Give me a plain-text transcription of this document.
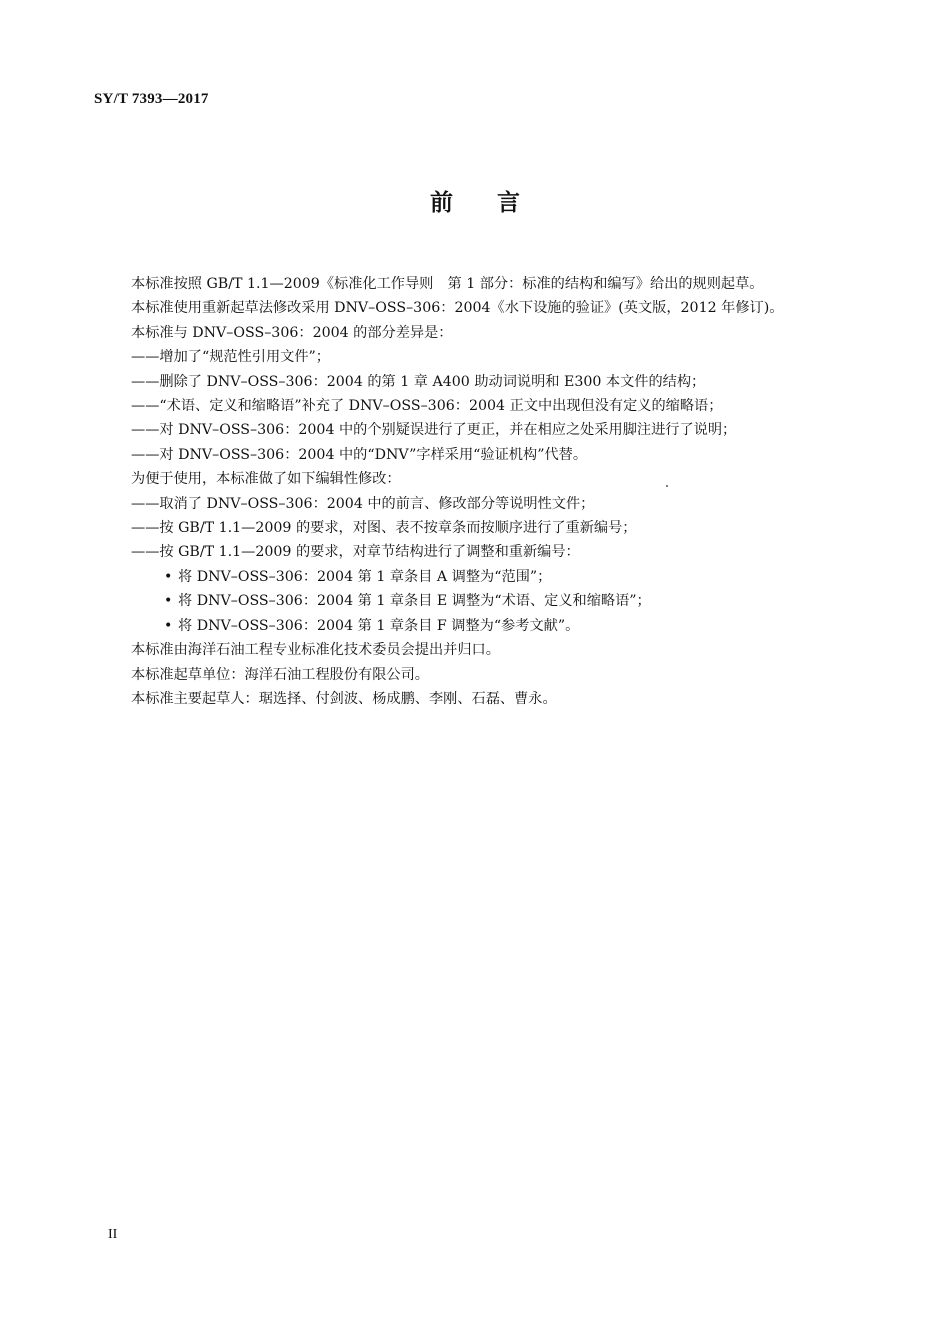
SY/T 7393—2017
前言

本标准按照 GB/T 1.1—2009《标准化工作导则　第 1 部分：标准的结构和编写》给出的规则起草。

本标准使用重新起草法修改采用 DNV–OSS–306：2004《水下设施的验证》(英文版，2012 年修订)。

本标准与 DNV–OSS–306：2004 的部分差异是：

——增加了“规范性引用文件”；

——删除了 DNV–OSS–306：2004 的第 1 章 A400 助动词说明和 E300 本文件的结构；

——“术语、定义和缩略语”补充了 DNV–OSS–306：2004 正文中出现但没有定义的缩略语；

——对 DNV–OSS–306：2004 中的个别疑误进行了更正，并在相应之处采用脚注进行了说明；

——对 DNV–OSS–306：2004 中的“DNV”字样采用“验证机构”代替。

为便于使用，本标准做了如下编辑性修改：

——取消了 DNV–OSS–306：2004 中的前言、修改部分等说明性文件；

——按 GB/T 1.1—2009 的要求，对图、表不按章条而按顺序进行了重新编号；

——按 GB/T 1.1—2009 的要求，对章节结构进行了调整和重新编号：

• 将 DNV–OSS–306：2004 第 1 章条目 A 调整为“范围”；
• 将 DNV–OSS–306：2004 第 1 章条目 E 调整为“术语、定义和缩略语”；
• 将 DNV–OSS–306：2004 第 1 章条目 F 调整为“参考文献”。

本标准由海洋石油工程专业标准化技术委员会提出并归口。

本标准起草单位：海洋石油工程股份有限公司。

本标准主要起草人：琚选择、付剑波、杨成鹏、李刚、石磊、曹永。

II
